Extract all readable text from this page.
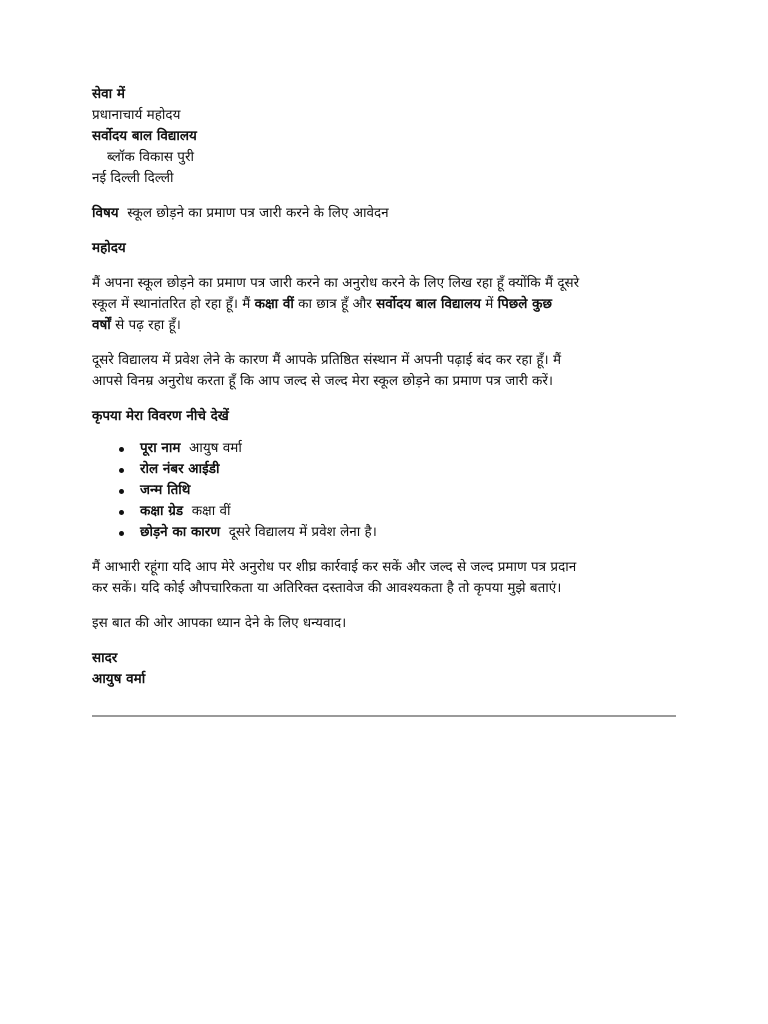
सेवा में
प्रधानाचार्य महोदय
सर्वोदय बाल विद्यालय
ब्लॉक विकास पुरी
नई दिल्ली दिल्ली
विषय स्कूल छोड़ने का प्रमाण पत्र जारी करने के लिए आवेदन
महोदय
मैं अपना स्कूल छोड़ने का प्रमाण पत्र जारी करने का अनुरोध करने के लिए लिख रहा हूँ क्योंकि मैं दूसरे
स्कूल में स्थानांतरित हो रहा हूँ। मैं कक्षा वीं का छात्र हूँ और सर्वोदय बाल विद्यालय में पिछले कुछ
वर्षों से पढ़ रहा हूँ।
दूसरे विद्यालय में प्रवेश लेने के कारण मैं आपके प्रतिष्ठित संस्थान में अपनी पढ़ाई बंद कर रहा हूँ। मैं
आपसे विनम्र अनुरोध करता हूँ कि आप जल्द से जल्द मेरा स्कूल छोड़ने का प्रमाण पत्र जारी करें।
कृपया मेरा विवरण नीचे देखें
पूरा नाम आयुष वर्मा
रोल नंबर आईडी
जन्म तिथि
कक्षा ग्रेड कक्षा वीं
छोड़ने का कारण दूसरे विद्यालय में प्रवेश लेना है।
मैं आभारी रहूंगा यदि आप मेरे अनुरोध पर शीघ्र कार्रवाई कर सकें और जल्द से जल्द प्रमाण पत्र प्रदान
कर सकें। यदि कोई औपचारिकता या अतिरिक्त दस्तावेज की आवश्यकता है तो कृपया मुझे बताएं।
इस बात की ओर आपका ध्यान देने के लिए धन्यवाद।
सादर
आयुष वर्मा
